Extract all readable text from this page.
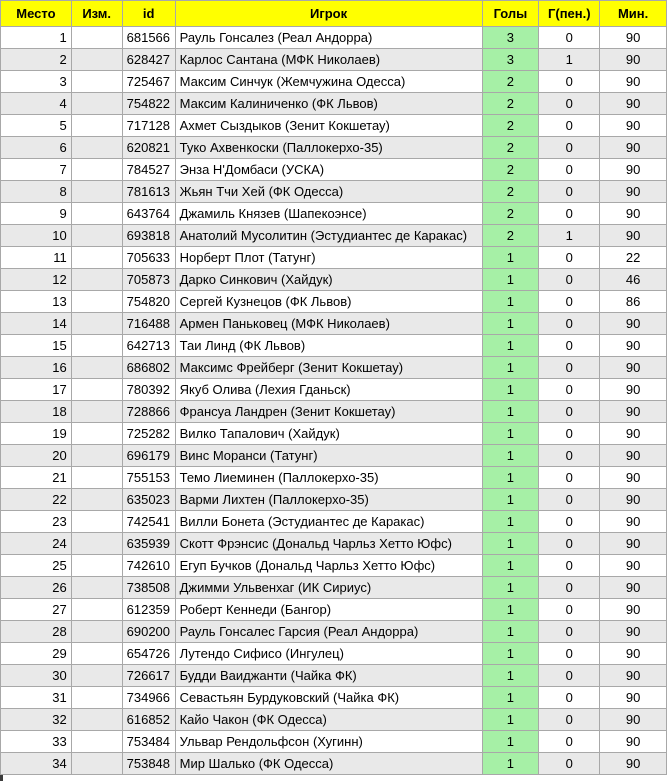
Место	Изм.	id	Игрок	Голы	Г(пен.)	Мин.
1		681566	Рауль Гонсалез (Реал Андорра)	3	0	90
2		628427	Карлос Сантана (МФК Николаев)	3	1	90
3		725467	Максим Синчук (Жемчужина Одесса)	2	0	90
4		754822	Максим Калиниченко (ФК Львов)	2	0	90
5		717128	Ахмет Сыздыков (Зенит Кокшетау)	2	0	90
6		620821	Туко Ахвенкоски (Паллокерхо-35)	2	0	90
7		784527	Энза Н'Домбаси (УСКА)	2	0	90
8		781613	Жьян Тчи Хей (ФК Одесса)	2	0	90
9		643764	Джамиль Князев (Шапекоэнсе)	2	0	90
10		693818	Анатолий Мусолитин (Эстудиантес де Каракас)	2	1	90
11		705633	Норберт Плот (Татунг)	1	0	22
12		705873	Дарко Синкович (Хайдук)	1	0	46
13		754820	Сергей Кузнецов (ФК Львов)	1	0	86
14		716488	Армен Паньковец (МФК Николаев)	1	0	90
15		642713	Таи Линд (ФК Львов)	1	0	90
16		686802	Максимс Фрейберг (Зенит Кокшетау)	1	0	90
17		780392	Якуб Олива (Лехия Гданьск)	1	0	90
18		728866	Франсуа Ландрен (Зенит Кокшетау)	1	0	90
19		725282	Вилко Тапалович (Хайдук)	1	0	90
20		696179	Винс Моранси (Татунг)	1	0	90
21		755153	Темо Лиеминен (Паллокерхо-35)	1	0	90
22		635023	Варми Лихтен (Паллокерхо-35)	1	0	90
23		742541	Вилли Бонета (Эстудиантес де Каракас)	1	0	90
24		635939	Скотт Фрэнсис (Дональд Чарльз Хетто Юфс)	1	0	90
25		742610	Егуп Бучков (Дональд Чарльз Хетто Юфс)	1	0	90
26		738508	Джимми Ульвенхаг (ИК Сириус)	1	0	90
27		612359	Роберт Кеннеди (Бангор)	1	0	90
28		690200	Рауль Гонсалес Гарсия (Реал Андорра)	1	0	90
29		654726	Лутендо Сифисо (Ингулец)	1	0	90
30		726617	Будди Ваиджанти (Чайка ФК)	1	0	90
31		734966	Севастьян Бурдуковский (Чайка ФК)	1	0	90
32		616852	Кайо Чакон (ФК Одесса)	1	0	90
33		753484	Ульвар Рендольфсон (Хугинн)	1	0	90
34		753848	Мир Шалько (ФК Одесса)	1	0	90
